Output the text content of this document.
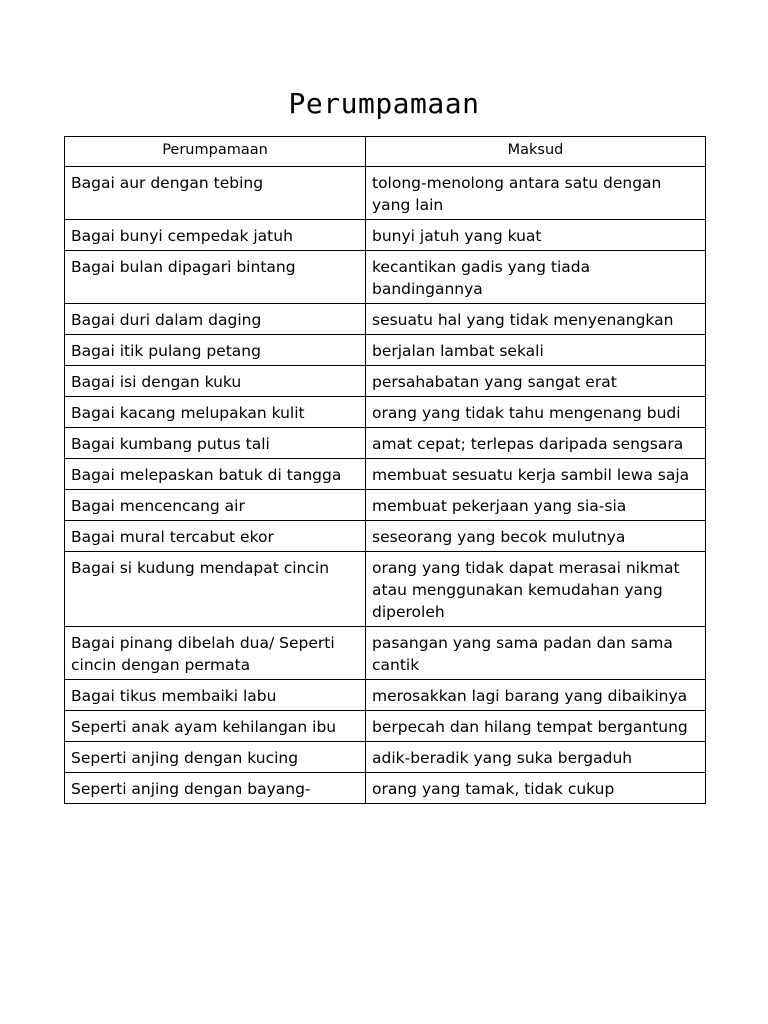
Perumpamaan
Perumpamaan	Maksud
Bagai aur dengan tebing	tolong-menolong antara satu dengan yang lain
Bagai bunyi cempedak jatuh	bunyi jatuh yang kuat
Bagai bulan dipagari bintang	kecantikan gadis yang tiada bandingannya
Bagai duri dalam daging	sesuatu hal yang tidak menyenangkan
Bagai itik pulang petang	berjalan lambat sekali
Bagai isi dengan kuku	persahabatan yang sangat erat
Bagai kacang melupakan kulit	orang yang tidak tahu mengenang budi
Bagai kumbang putus tali	amat cepat; terlepas daripada sengsara
Bagai melepaskan batuk di tangga	membuat sesuatu kerja sambil lewa saja
Bagai mencencang air	membuat pekerjaan yang sia-sia
Bagai mural tercabut ekor	seseorang yang becok mulutnya
Bagai si kudung mendapat cincin	orang yang tidak dapat merasai nikmat atau menggunakan kemudahan yang diperoleh
Bagai pinang dibelah dua/ Seperti cincin dengan permata	pasangan yang sama padan dan sama cantik
Bagai tikus membaiki labu	merosakkan lagi barang yang dibaikinya
Seperti anak ayam kehilangan ibu	berpecah dan hilang tempat bergantung
Seperti anjing dengan kucing	adik-beradik yang suka bergaduh
Seperti anjing dengan bayang-	orang yang tamak, tidak cukup
